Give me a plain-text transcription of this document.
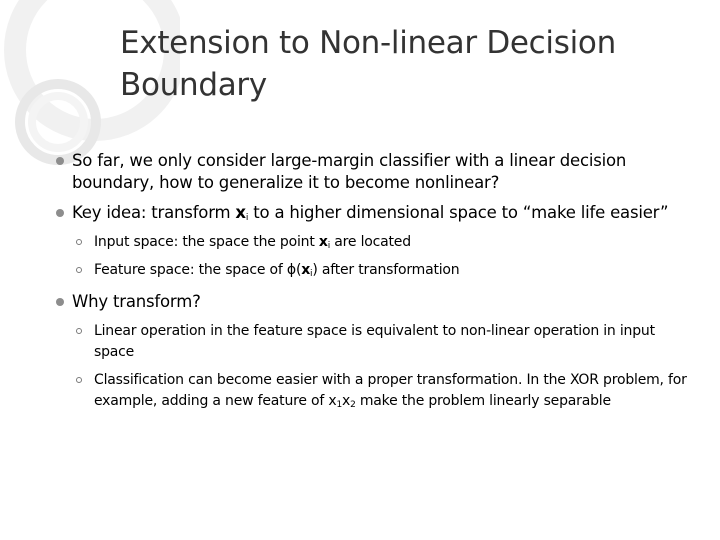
Extension to Non-linear Decision Boundary
So far, we only consider large-margin classifier with a linear decision boundary, how to generalize it to become nonlinear?
Key idea: transform $x_i$ to a higher dimensional space to “make life easier”
Input space: the space the point $x_i$ are located
Feature space: the space of $\phi(x_i)$ after transformation
Why transform?
Linear operation in the feature space is equivalent to non-linear operation in input space
Classification can become easier with a proper transformation. In the XOR problem, for example, adding a new feature of $x_1x_2$ make the problem linearly separable
